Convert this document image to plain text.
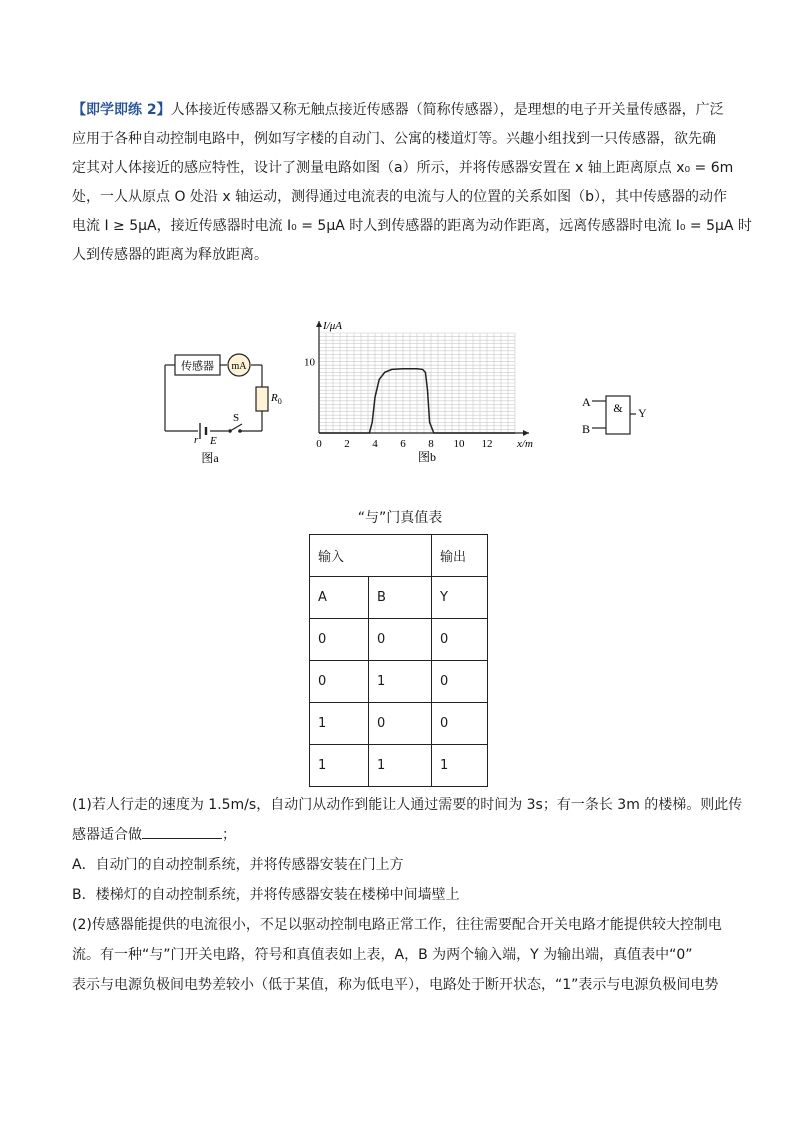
【即学即练 2】人体接近传感器又称无触点接近传感器（简称传感器），是理想的电子开关量传感器，广泛

应用于各种自动控制电路中，例如写字楼的自动门、公寓的楼道灯等。兴趣小组找到一只传感器，欲先确

定其对人体接近的感应特性，设计了测量电路如图（a）所示，并将传感器安置在 x 轴上距离原点 x₀ = 6m

处，一人从原点 O 处沿 x 轴运动，测得通过电流表的电流与人的位置的关系如图（b），其中传感器的动作

电流 I ≥ 5μA，接近传感器时电流 I₀ = 5μA 时人到传感器的距离为动作距离，远离传感器时电流 I₀ = 5μA 时

人到传感器的距离为释放距离。

传感器 mA
$R_0$
r E
S
图a
0 2 4 6 8 10 12
10
x/m
I/μA
图b
&
A
B
Y
“与”门真值表
输入		输出
A	B	Y
0	0	0
0	1	0
1	0	0
1	1	1

(1)若人行走的速度为 1.5m/s，自动门从动作到能让人通过需要的时间为 3s；有一条长 3m 的楼梯。则此传

感器适合做	；

A．自动门的自动控制系统，并将传感器安装在门上方

B．楼梯灯的自动控制系统，并将传感器安装在楼梯中间墙壁上

(2)传感器能提供的电流很小，不足以驱动控制电路正常工作，往往需要配合开关电路才能提供较大控制电

流。有一种“与”门开关电路，符号和真值表如上表，A，B 为两个输入端，Y 为输出端，真值表中“0”

表示与电源负极间电势差较小（低于某值，称为低电平），电路处于断开状态，“1”表示与电源负极间电势
